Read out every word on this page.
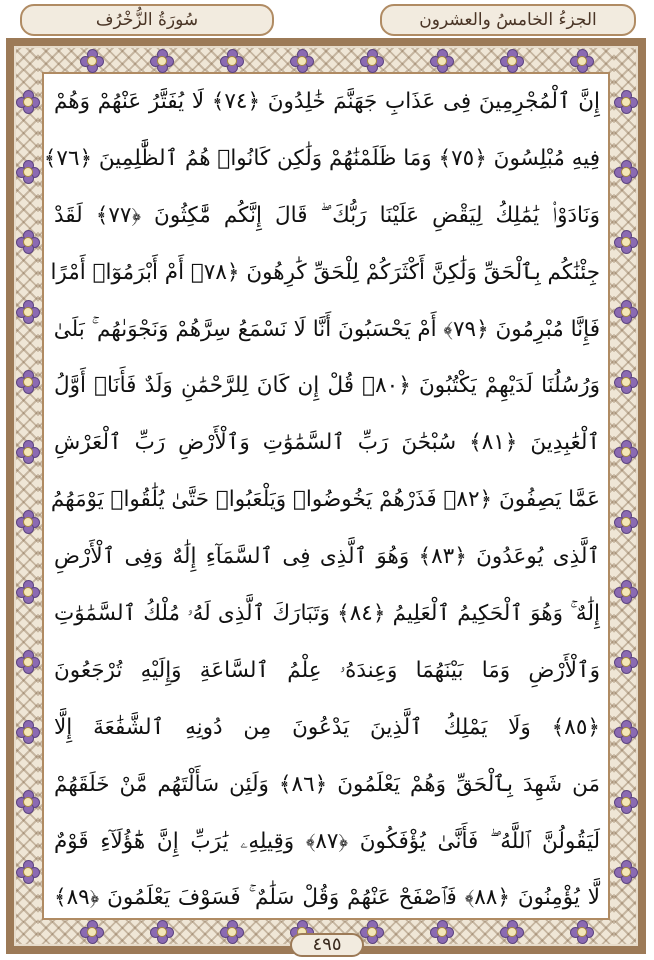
سُورَةُ الزُّخْرُف	الجزءُ الخامسُ والعشرون
إِنَّ ٱلْمُجْرِمِينَ فِى عَذَابِ جَهَنَّمَ خَٰلِدُونَ ﴿٧٤﴾ لَا يُفَتَّرُ عَنْهُمْ وَهُمْ
فِيهِ مُبْلِسُونَ ﴿٧٥﴾ وَمَا ظَلَمْنَٰهُمْ وَلَٰكِن كَانُوا۟ هُمُ ٱلظَّٰلِمِينَ ﴿٧٦﴾
وَنَادَوْا۟ يَٰمَٰلِكُ لِيَقْضِ عَلَيْنَا رَبُّكَ ۖ قَالَ إِنَّكُم مَّٰكِثُونَ ﴿٧٧﴾ لَقَدْ
جِئْنَٰكُم بِٱلْحَقِّ وَلَٰكِنَّ أَكْثَرَكُمْ لِلْحَقِّ كَٰرِهُونَ ﴿٧٨﴾ أَمْ أَبْرَمُوٓا۟ أَمْرًا
فَإِنَّا مُبْرِمُونَ ﴿٧٩﴾ أَمْ يَحْسَبُونَ أَنَّا لَا نَسْمَعُ سِرَّهُمْ وَنَجْوَىٰهُم ۚ بَلَىٰ
وَرُسُلُنَا لَدَيْهِمْ يَكْتُبُونَ ﴿٨٠﴾ قُلْ إِن كَانَ لِلرَّحْمَٰنِ وَلَدٌ فَأَنَا۠ أَوَّلُ
ٱلْعَٰبِدِينَ ﴿٨١﴾ سُبْحَٰنَ رَبِّ ٱلسَّمَٰوَٰتِ وَٱلْأَرْضِ رَبِّ ٱلْعَرْشِ
عَمَّا يَصِفُونَ ﴿٨٢﴾ فَذَرْهُمْ يَخُوضُوا۟ وَيَلْعَبُوا۟ حَتَّىٰ يُلَٰقُوا۟ يَوْمَهُمُ
ٱلَّذِى يُوعَدُونَ ﴿٨٣﴾ وَهُوَ ٱلَّذِى فِى ٱلسَّمَآءِ إِلَٰهٌ وَفِى ٱلْأَرْضِ
إِلَٰهٌ ۚ وَهُوَ ٱلْحَكِيمُ ٱلْعَلِيمُ ﴿٨٤﴾ وَتَبَارَكَ ٱلَّذِى لَهُۥ مُلْكُ ٱلسَّمَٰوَٰتِ
وَٱلْأَرْضِ وَمَا بَيْنَهُمَا وَعِندَهُۥ عِلْمُ ٱلسَّاعَةِ وَإِلَيْهِ تُرْجَعُونَ
﴿٨٥﴾ وَلَا يَمْلِكُ ٱلَّذِينَ يَدْعُونَ مِن دُونِهِ ٱلشَّفَٰعَةَ إِلَّا
مَن شَهِدَ بِٱلْحَقِّ وَهُمْ يَعْلَمُونَ ﴿٨٦﴾ وَلَئِن سَأَلْتَهُم مَّنْ خَلَقَهُمْ
لَيَقُولُنَّ ٱللَّهُ ۖ فَأَنَّىٰ يُؤْفَكُونَ ﴿٨٧﴾ وَقِيلِهِۦ يَٰرَبِّ إِنَّ هَٰٓؤُلَآءِ قَوْمٌ
لَّا يُؤْمِنُونَ ﴿٨٨﴾ فَٱصْفَحْ عَنْهُمْ وَقُلْ سَلَٰمٌ ۚ فَسَوْفَ يَعْلَمُونَ ﴿٨٩﴾
٤٩٥
